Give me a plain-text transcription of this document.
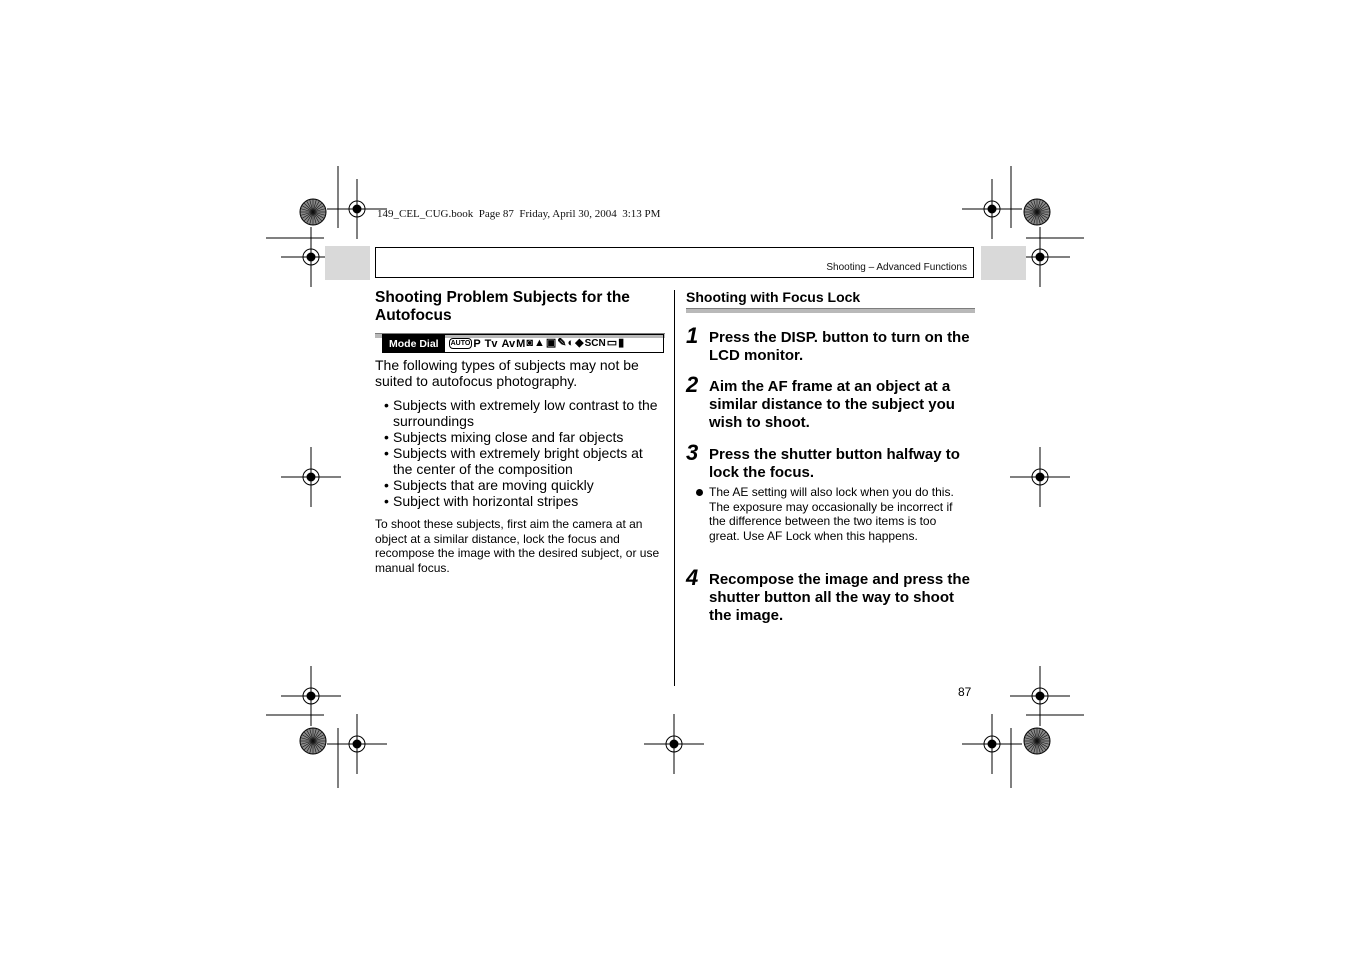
149_CEL_CUG.book  Page 87  Friday, April 30, 2004  3:13 PM
Shooting – Advanced Functions
Shooting Problem Subjects for the Autofocus
Mode Dial	AUTO P Tv Av M ◙ ▲ ▣ ✎ ◐ ◆ SCN ▭ ▮
The following types of subjects may not be suited to autofocus photography.
• Subjects with extremely low contrast to the surroundings
• Subjects mixing close and far objects
• Subjects with extremely bright objects at the center of the composition
• Subjects that are moving quickly
• Subject with horizontal stripes
To shoot these subjects, first aim the camera at an object at a similar distance, lock the focus and recompose the image with the desired subject, or use manual focus.
Shooting with Focus Lock
1 Press the DISP. button to turn on the LCD monitor.
2 Aim the AF frame at an object at a similar distance to the subject you wish to shoot.
3 Press the shutter button halfway to lock the focus.
The AE setting will also lock when you do this. The exposure may occasionally be incorrect if the difference between the two items is too great. Use AF Lock when this happens.
4 Recompose the image and press the shutter button all the way to shoot the image.
87
